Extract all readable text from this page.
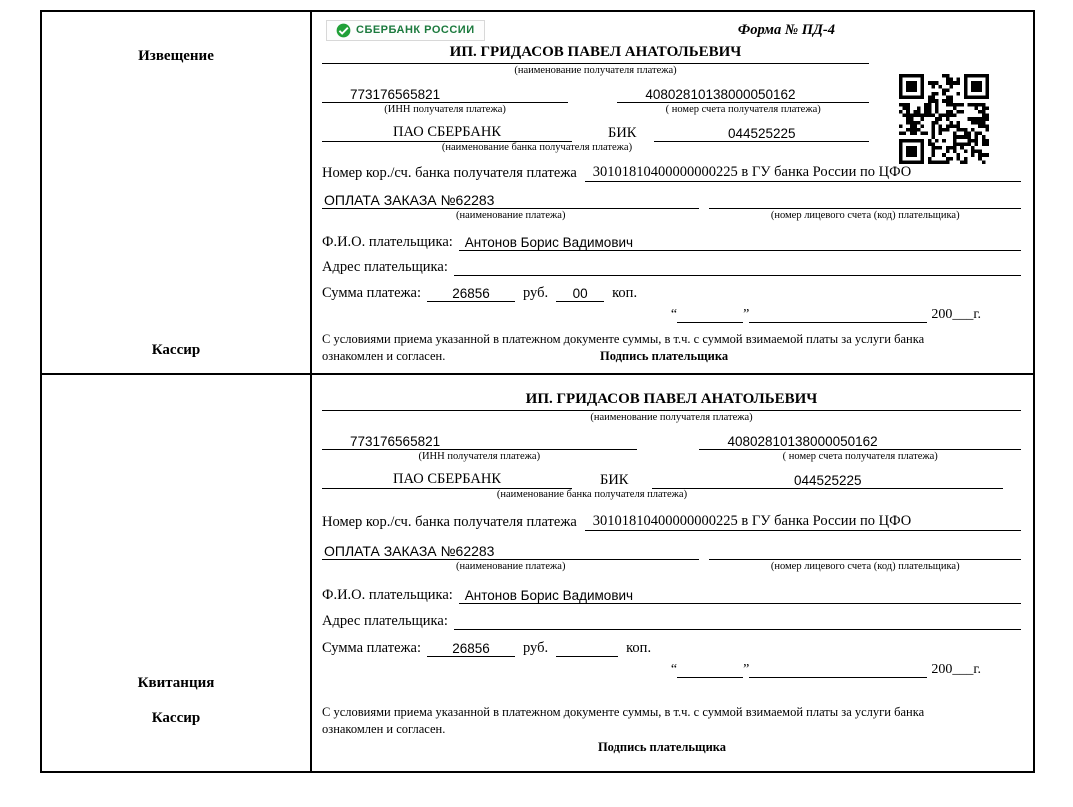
Извещение
Кассир
СБЕРБАНК РОССИИ	Форма № ПД-4
ИП. ГРИДАСОВ ПАВЕЛ АНАТОЛЬЕВИЧ
(наименование получателя платежа)
773176565821	40802810138000050162
(ИНН получателя платежа)	( номер счета получателя платежа)
ПАО СБЕРБАНК	БИК	044525225
(наименование банка получателя платежа)
Номер кор./сч. банка получателя платежа	30101810400000000225 в ГУ банка России по ЦФО
ОПЛАТА ЗАКАЗА №62283
(наименование платежа)	(номер лицевого счета (код) плательщика)
Ф.И.О. плательщика: Антонов Борис Вадимович
Адрес плательщика:
Сумма платежа:	26856	руб.	00	коп.
“	”	200___г.
С условиями приема указанной в платежном документе суммы, в т.ч. с суммой взимаемой платы за услуги банка ознакомлен и согласен.	Подпись плательщика
Квитанция
Кассир
ИП. ГРИДАСОВ ПАВЕЛ АНАТОЛЬЕВИЧ
(наименование получателя платежа)
773176565821	40802810138000050162
(ИНН получателя платежа)	( номер счета получателя платежа)
ПАО СБЕРБАНК	БИК	044525225
(наименование банка получателя платежа)
Номер кор./сч. банка получателя платежа	30101810400000000225 в ГУ банка России по ЦФО
ОПЛАТА ЗАКАЗА №62283
(наименование платежа)	(номер лицевого счета (код) плательщика)
Ф.И.О. плательщика: Антонов Борис Вадимович
Адрес плательщика:
Сумма платежа:	26856	руб.	коп.
“	”	200___г.
С условиями приема указанной в платежном документе суммы, в т.ч. с суммой взимаемой платы за услуги банка ознакомлен и согласен.
Подпись плательщика
